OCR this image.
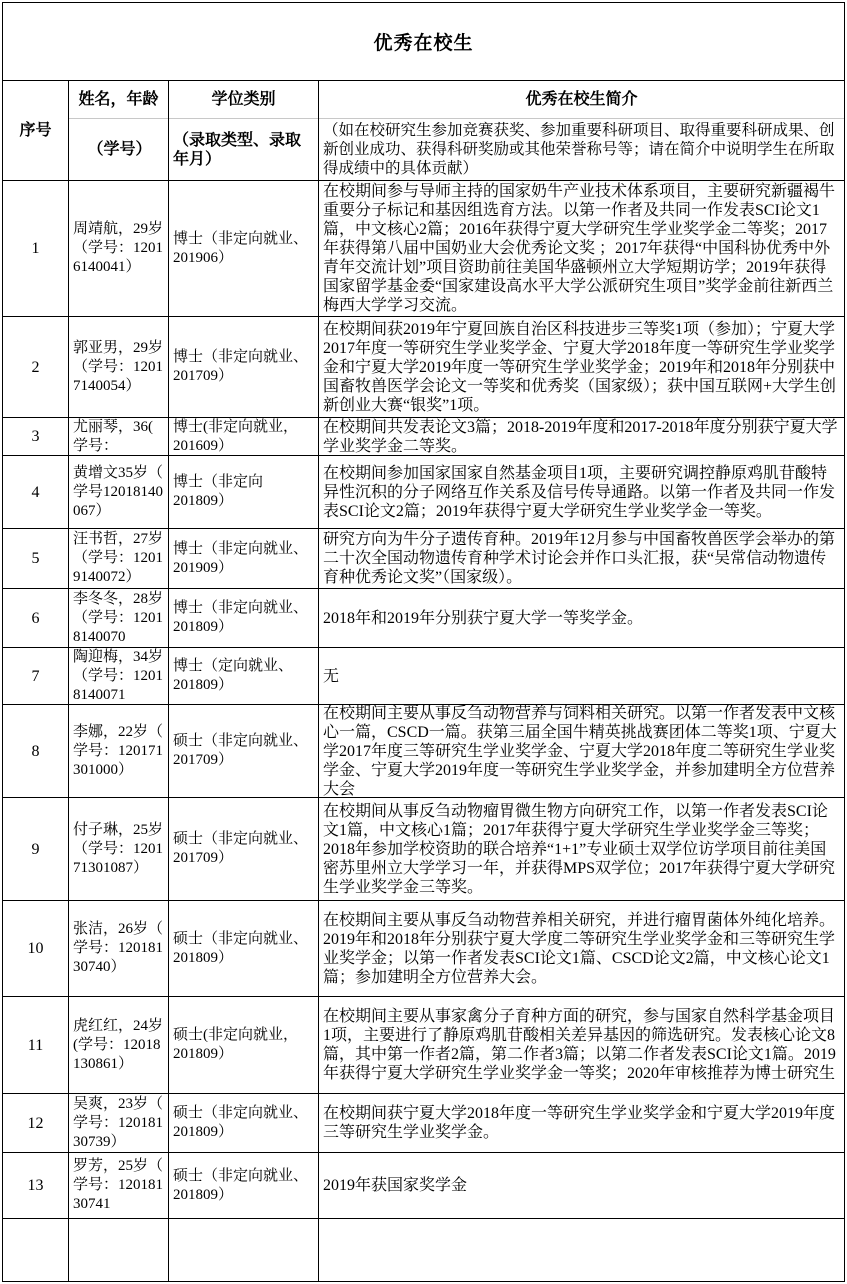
优秀在校生
序号
姓名，年龄
（学号）
学位类别
（录取类型、录取年月）
优秀在校生简介
（如在校研究生参加竞赛获奖、参加重要科研项目、取得重要科研成果、创新创业成功、获得科研奖励或其他荣誉称号等；请在简介中说明学生在所取得成绩中的具体贡献）
1
周靖航，29岁（学号：12016140041）
博士（非定向就业、201906）
在校期间参与导师主持的国家奶牛产业技术体系项目，主要研究新疆褐牛重要分子标记和基因组选育方法。以第一作者及共同一作发表SCI论文1篇，中文核心2篇；2016年获得宁夏大学研究生学业奖学金二等奖；2017年获得第八届中国奶业大会优秀论文奖 ；2017年获得“中国科协优秀中外青年交流计划”项目资助前往美国华盛顿州立大学短期访学；2019年获得国家留学基金委“国家建设高水平大学公派研究生项目”奖学金前往新西兰梅西大学学习交流。
2
郭亚男，29岁（学号：12017140054）
博士（非定向就业、201709）
在校期间获2019年宁夏回族自治区科技进步三等奖1项（参加）；宁夏大学2017年度一等研究生学业奖学金、宁夏大学2018年度一等研究生学业奖学金和宁夏大学2019年度一等研究生学业奖学金；2019年和2018年分别获中国畜牧兽医学会论文一等奖和优秀奖（国家级）；获中国互联网+大学生创新创业大赛“银奖”1项。
3
尤丽琴，36(学号：
博士(非定向就业，201609）
在校期间共发表论文3篇；2018-2019年度和2017-2018年度分别获宁夏大学学业奖学金二等奖。
4
黄增文35岁（学号12018140067）
博士（非定向201809）
在校期间参加国家国家自然基金项目1项，主要研究调控静原鸡肌苷酸特异性沉积的分子网络互作关系及信号传导通路。以第一作者及共同一作发表SCI论文2篇；2019年获得宁夏大学研究生学业奖学金一等奖。
5
汪书哲，27岁（学号：12019140072）
博士（非定向就业、201909）
研究方向为牛分子遗传育种。2019年12月参与中国畜牧兽医学会举办的第二十次全国动物遗传育种学术讨论会并作口头汇报，获“吴常信动物遗传育种优秀论文奖”（国家级）。
6
李冬冬，28岁（学号：12018140070
博士（非定向就业、201809）
2018年和2019年分别获宁夏大学一等奖学金。
7
陶迎梅，34岁（学号：12018140071
博士（定向就业、201809）
无
8
李娜，22岁（学号：120171301000）
硕士（非定向就业、201709）
在校期间主要从事反刍动物营养与饲料相关研究。以第一作者发表中文核心一篇，CSCD一篇。获第三届全国牛精英挑战赛团体二等奖1项、宁夏大学2017年度三等研究生学业奖学金、宁夏大学2018年度二等研究生学业奖学金、宁夏大学2019年度一等研究生学业奖学金，并参加建明全方位营养大会
9
付子琳，25岁（学号：120171301087）
硕士（非定向就业、201709）
在校期间从事反刍动物瘤胃微生物方向研究工作，以第一作者发表SCI论文1篇，中文核心1篇；2017年获得宁夏大学研究生学业奖学金三等奖；2018年参加学校资助的联合培养“1+1”专业硕士双学位访学项目前往美国密苏里州立大学学习一年，并获得MPS双学位；2017年获得宁夏大学研究生学业奖学金三等奖。
10
张洁，26岁（学号：12018130740）
硕士（非定向就业、201809）
在校期间主要从事反刍动物营养相关研究，并进行瘤胃菌体外纯化培养。2019年和2018年分别获宁夏大学度二等研究生学业奖学金和三等研究生学业奖学金；以第一作者发表SCI论文1篇、CSCD论文2篇，中文核心论文1篇；参加建明全方位营养大会。
11
虎红红，24岁(学号：12018130861）
硕士(非定向就业，201809）
在校期间主要从事家禽分子育种方面的研究，参与国家自然科学基金项目1项，主要进行了静原鸡肌苷酸相关差异基因的筛选研究。发表核心论文8篇，其中第一作者2篇，第二作者3篇；以第二作者发表SCI论文1篇。2019年获得宁夏大学研究生学业奖学金一等奖；2020年审核推荐为博士研究生
12
吴爽，23岁（学号：12018130739）
硕士（非定向就业、201809）
在校期间获宁夏大学2018年度一等研究生学业奖学金和宁夏大学2019年度三等研究生学业奖学金。
13
罗芳，25岁（学号：12018130741
硕士（非定向就业、201809）
2019年获国家奖学金
